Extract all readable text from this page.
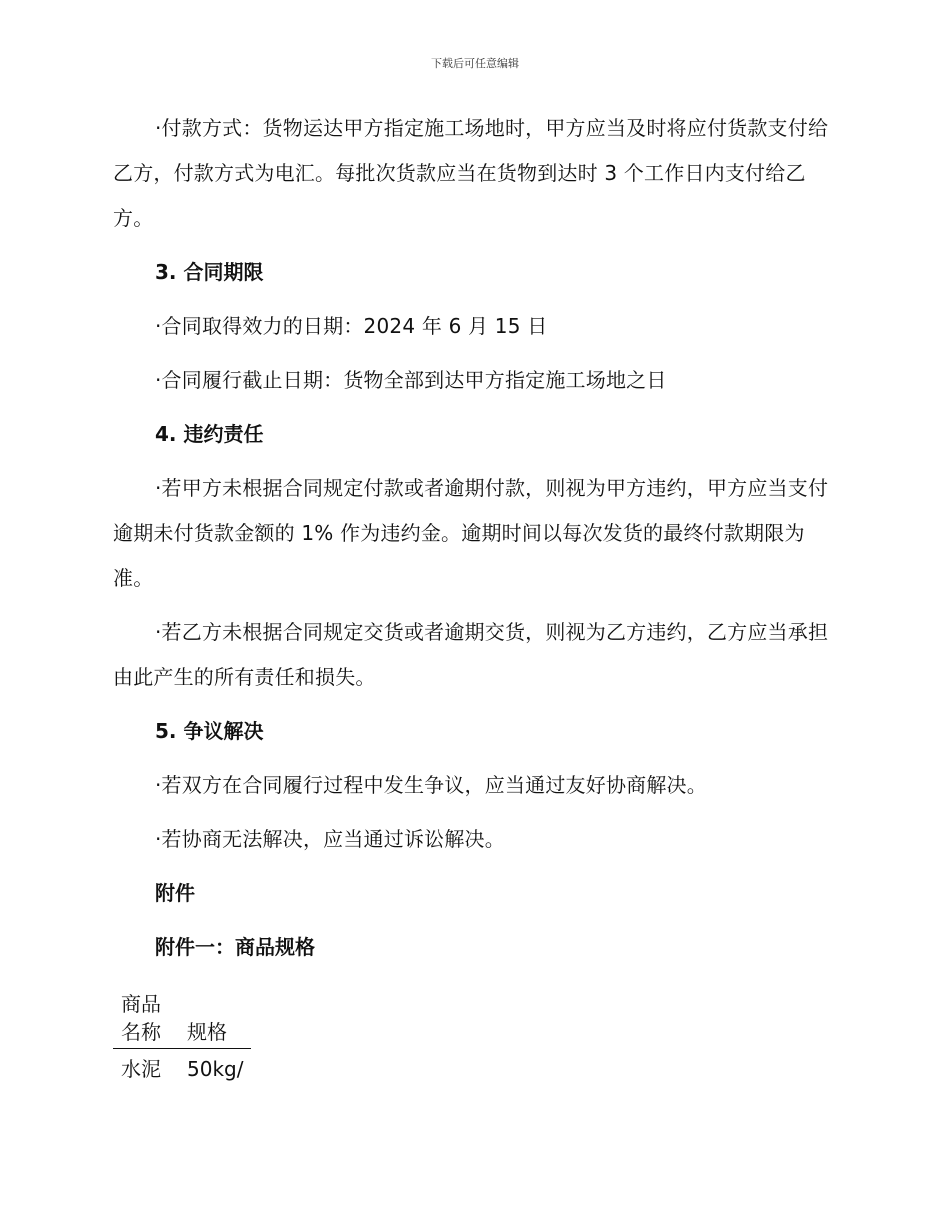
下载后可任意编辑

·付款方式：货物运达甲方指定施工场地时，甲方应当及时将应付货款支付给乙方，付款方式为电汇。每批次货款应当在货物到达时 3 个工作日内支付给乙方。

3. 合同期限

·合同取得效力的日期：2024 年 6 月 15 日

·合同履行截止日期：货物全部到达甲方指定施工场地之日

4. 违约责任

·若甲方未根据合同规定付款或者逾期付款，则视为甲方违约，甲方应当支付逾期未付货款金额的 1% 作为违约金。逾期时间以每次发货的最终付款期限为准。

·若乙方未根据合同规定交货或者逾期交货，则视为乙方违约，乙方应当承担由此产生的所有责任和损失。

5. 争议解决

·若双方在合同履行过程中发生争议，应当通过友好协商解决。

·若协商无法解决，应当通过诉讼解决。

附件

附件一：商品规格

商品名称	规格
水泥	50kg/
